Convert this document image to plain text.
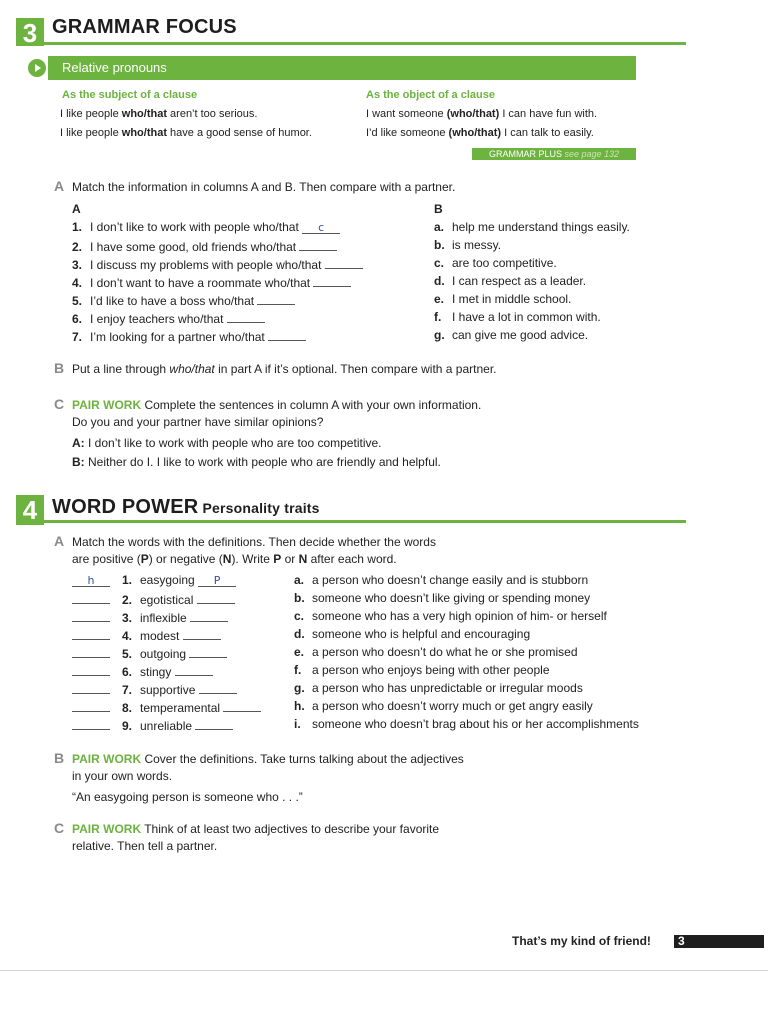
3 GRAMMAR FOCUS
Relative pronouns
As the subject of a clause	As the object of a clause
I like people who/that aren’t too serious.
I like people who/that have a good sense of humor.
I want someone (who/that) I can have fun with.
I’d like someone (who/that) I can talk to easily.
GRAMMAR PLUS see page 132
A Match the information in columns A and B. Then compare with a partner.
A	B
1. I don’t like to work with people who/that c
2. I have some good, old friends who/that
3. I discuss my problems with people who/that
4. I don’t want to have a roommate who/that
5. I’d like to have a boss who/that
6. I enjoy teachers who/that
7. I’m looking for a partner who/that
a. help me understand things easily.
b. is messy.
c. are too competitive.
d. I can respect as a leader.
e. I met in middle school.
f. I have a lot in common with.
g. can give me good advice.
B Put a line through who/that in part A if it’s optional. Then compare with a partner.
C PAIR WORK Complete the sentences in column A with your own information.
Do you and your partner have similar opinions?
A: I don’t like to work with people who are too competitive.
B: Neither do I. I like to work with people who are friendly and helpful.
4 WORD POWER Personality traits
A Match the words with the definitions. Then decide whether the words
are positive (P) or negative (N). Write P or N after each word.
h 1. easygoing P
2. egotistical
3. inflexible
4. modest
5. outgoing
6. stingy
7. supportive
8. temperamental
9. unreliable
a. a person who doesn’t change easily and is stubborn
b. someone who doesn’t like giving or spending money
c. someone who has a very high opinion of him- or herself
d. someone who is helpful and encouraging
e. a person who doesn’t do what he or she promised
f. a person who enjoys being with other people
g. a person who has unpredictable or irregular moods
h. a person who doesn’t worry much or get angry easily
i. someone who doesn’t brag about his or her accomplishments
B PAIR WORK Cover the definitions. Take turns talking about the adjectives
in your own words.
“An easygoing person is someone who . . .”
C PAIR WORK Think of at least two adjectives to describe your favorite
relative. Then tell a partner.
That’s my kind of friend! 3
